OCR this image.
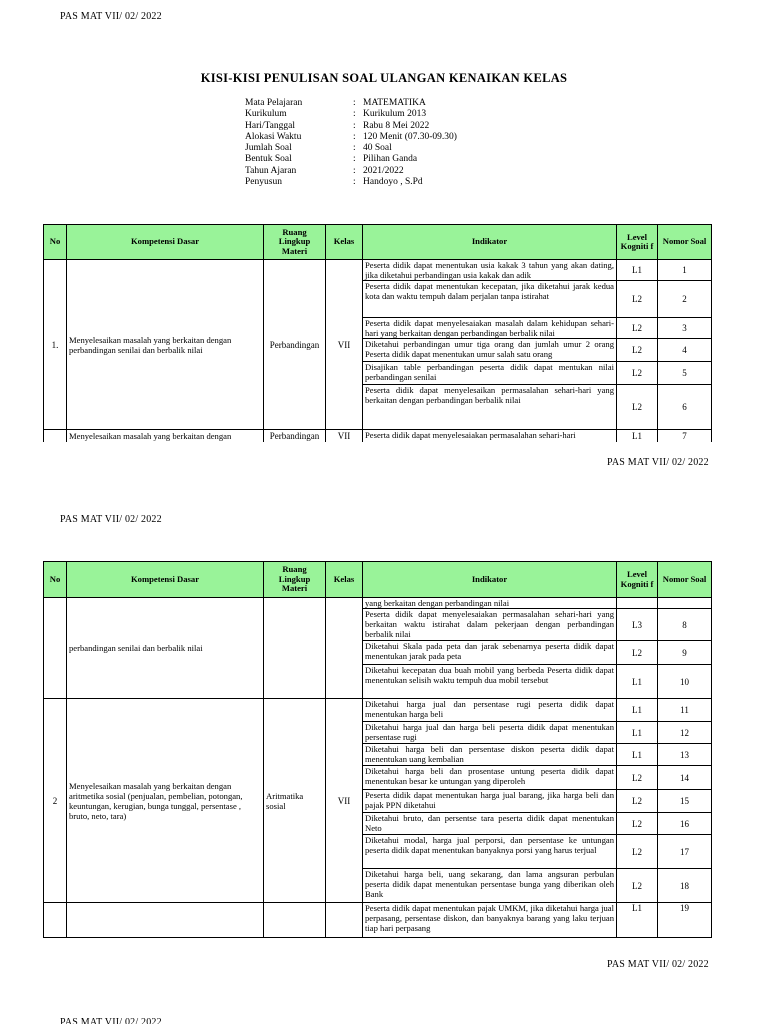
PAS MAT VII/ 02/ 2022
KISI-KISI PENULISAN SOAL ULANGAN KENAIKAN KELAS
Mata Pelajaran	: MATEMATIKA
Kurikulum	: Kurikulum 2013
Hari/Tanggal	: Rabu 8 Mei 2022
Alokasi Waktu	: 120 Menit (07.30-09.30)
Jumlah Soal	: 40 Soal
Bentuk Soal	: Pilihan Ganda
Tahun Ajaran	: 2021/2022
Penyusun	: Handoyo , S.Pd
No	Kompetensi Dasar	Ruang Lingkup Materi	Kelas	Indikator	Level Kogniti f	Nomor Soal
1.	Menyelesaikan masalah yang berkaitan dengan perbandingan senilai dan berbalik nilai	Perbandingan	VII	Peserta didik dapat menentukan usia kakak 3 tahun yang akan dating, jika diketahui perbandingan usia kakak dan adik	L1	1
				Peserta didik dapat menentukan kecepatan, jika diketahui jarak kedua kota dan waktu tempuh dalam perjalan tanpa istirahat	L2	2
				Peserta didik dapat menyelesaiakan masalah dalam kehidupan sehari-hari yang berkaitan dengan perbandingan berbalik nilai	L2	3
				Diketahui perbandingan umur tiga orang dan jumlah umur 2 orang Peserta didik dapat menentukan umur salah satu orang	L2	4
				Disajikan table perbandingan peserta didik dapat mentukan nilai perbandingan senilai	L2	5
				Peserta didik dapat menyelesaikan permasalahan sehari-hari yang berkaitan dengan perbandingan berbalik nilai	L2	6
	Menyelesaikan masalah yang berkaitan dengan	Perbandingan	VII	Peserta didik dapat menyelesaiakan permasalahan sehari-hari	L1	7
PAS MAT VII/ 02/ 2022
PAS MAT VII/ 02/ 2022
No	Kompetensi Dasar	Ruang Lingkup Materi	Kelas	Indikator	Level Kogniti f	Nomor Soal
	perbandingan senilai dan berbalik nilai			yang berkaitan dengan perbandingan nilai		
				Peserta didik dapat menyelesaiakan permasalahan sehari-hari yang berkaitan waktu istirahat dalam pekerjaan dengan perbandingan berbalik nilai	L3	8
				Diketahui Skala pada peta dan jarak sebenarnya peserta didik dapat menentukan jarak pada peta	L2	9
				Diketahui kecepatan dua buah mobil yang berbeda Peserta didik dapat menentukan selisih waktu tempuh dua mobil tersebut	L1	10
2	Menyelesaikan masalah yang berkaitan dengan aritmetika sosial (penjualan, pembelian, potongan, keuntungan, kerugian, bunga tunggal, persentase , bruto, neto, tara)	Aritmatika sosial	VII	Diketahui harga jual dan persentase rugi peserta didik dapat menentukan harga beli	L1	11
				Diketahui harga jual dan harga beli peserta didik dapat menentukan persentase rugi	L1	12
				Diketahui harga beli dan persentase diskon peserta didik dapat menentukan uang kembalian	L1	13
				Diketahui harga beli dan prosentase untung peserta didik dapat menentukan besar ke untungan yang diperoleh	L2	14
				Peserta didik dapat menentukan harga jual barang, jika harga beli dan pajak PPN diketahui	L2	15
				Diketahui bruto, dan persentse tara peserta didik dapat menentukan Neto	L2	16
				Diketahui modal, harga jual perporsi, dan persentase ke untungan peserta didik dapat menentukan banyaknya porsi yang harus terjual	L2	17
				Diketahui harga beli, uang sekarang, dan lama angsuran perbulan peserta didik dapat menentukan persentase bunga yang diberikan oleh Bank	L2	18
				Peserta didik dapat menentukan pajak UMKM, jika diketahui harga jual perpasang, persentase diskon, dan banyaknya barang yang laku terjuan tiap hari perpasang	L1	19
PAS MAT VII/ 02/ 2022
PAS MAT VII/ 02/ 2022
